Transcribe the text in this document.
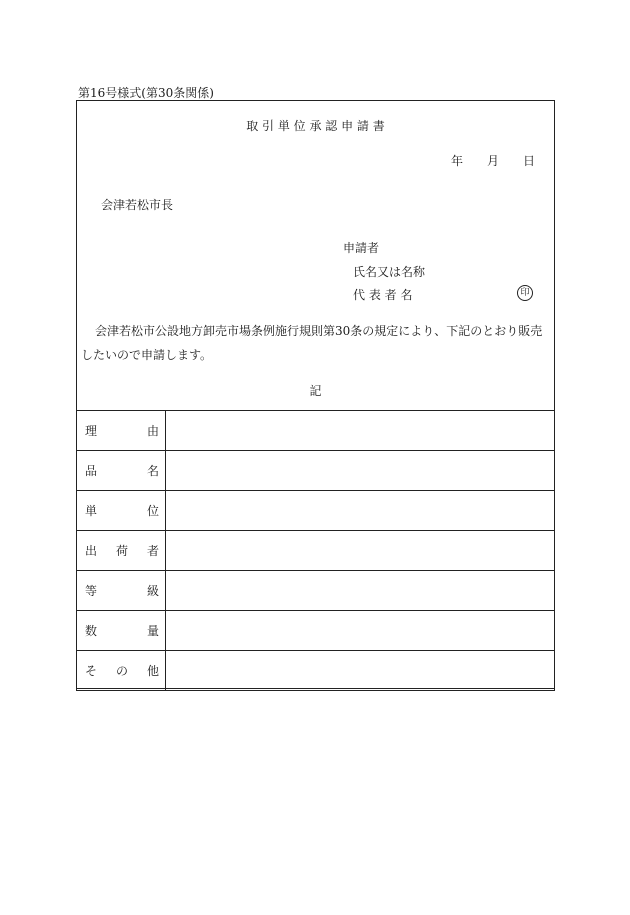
第16号様式(第30条関係)
取 引 単 位 承 認 申 請 書
年 月 日
会津若松市長
申請者
氏名又は名称
代 表 者 名	印
会津若松市公設地方卸売市場条例施行規則第30条の規定により、下記のとおり販売したいので申請します。
記
理 由	

品 名	

単 位	

出 荷 者	

等 級	

数 量	

そ の 他	
